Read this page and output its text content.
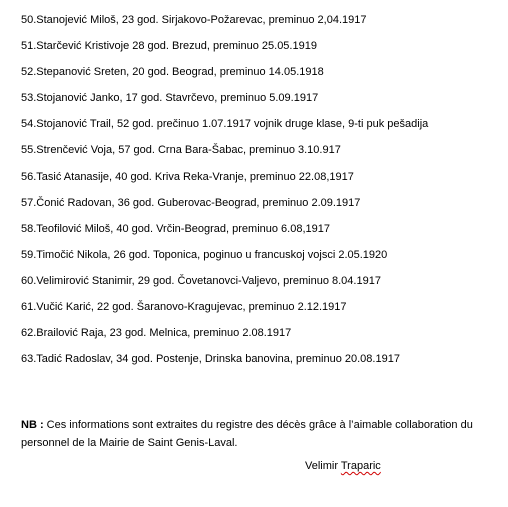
50.Stanojević Miloš, 23 god. Sirjakovo-Požarevac, preminuo 2,04.1917
51.Starčević Kristivoje 28 god. Brezud, preminuo 25.05.1919
52.Stepanović Sreten, 20 god. Beograd, preminuo 14.05.1918
53.Stojanović Janko, 17 god. Stavrčevo, preminuo 5.09.1917
54.Stojanović Trail, 52 god. prečinuo 1.07.1917 vojnik druge klase, 9-ti puk pešadija
55.Strenčević Voja, 57 god. Crna Bara-Šabac, preminuo 3.10.917
56.Tasić Atanasije, 40 god. Kriva Reka-Vranje, preminuo 22.08,1917
57.Čonić Radovan, 36 god. Guberovac-Beograd, preminuo 2.09.1917
58.Teofilović Miloš, 40 god. Vrčin-Beograd, preminuo 6.08,1917
59.Timočić Nikola, 26 god. Toponica, poginuo u francuskoj vojsci 2.05.1920
60.Velimirović Stanimir, 29 god. Čovetanovci-Valjevo, preminuo 8.04.1917
61.Vučić Karić, 22 god. Šaranovo-Kragujevac, preminuo 2.12.1917
62.Brailović Raja, 23 god. Melnica, preminuo 2.08.1917
63.Tadić Radoslav, 34 god. Postenje, Drinska banovina, preminuo 20.08.1917
NB : Ces informations sont extraites du registre des décès grâce à l’aimable collaboration du personnel de la Mairie de Saint Genis-Laval.
Velimir Traparic
